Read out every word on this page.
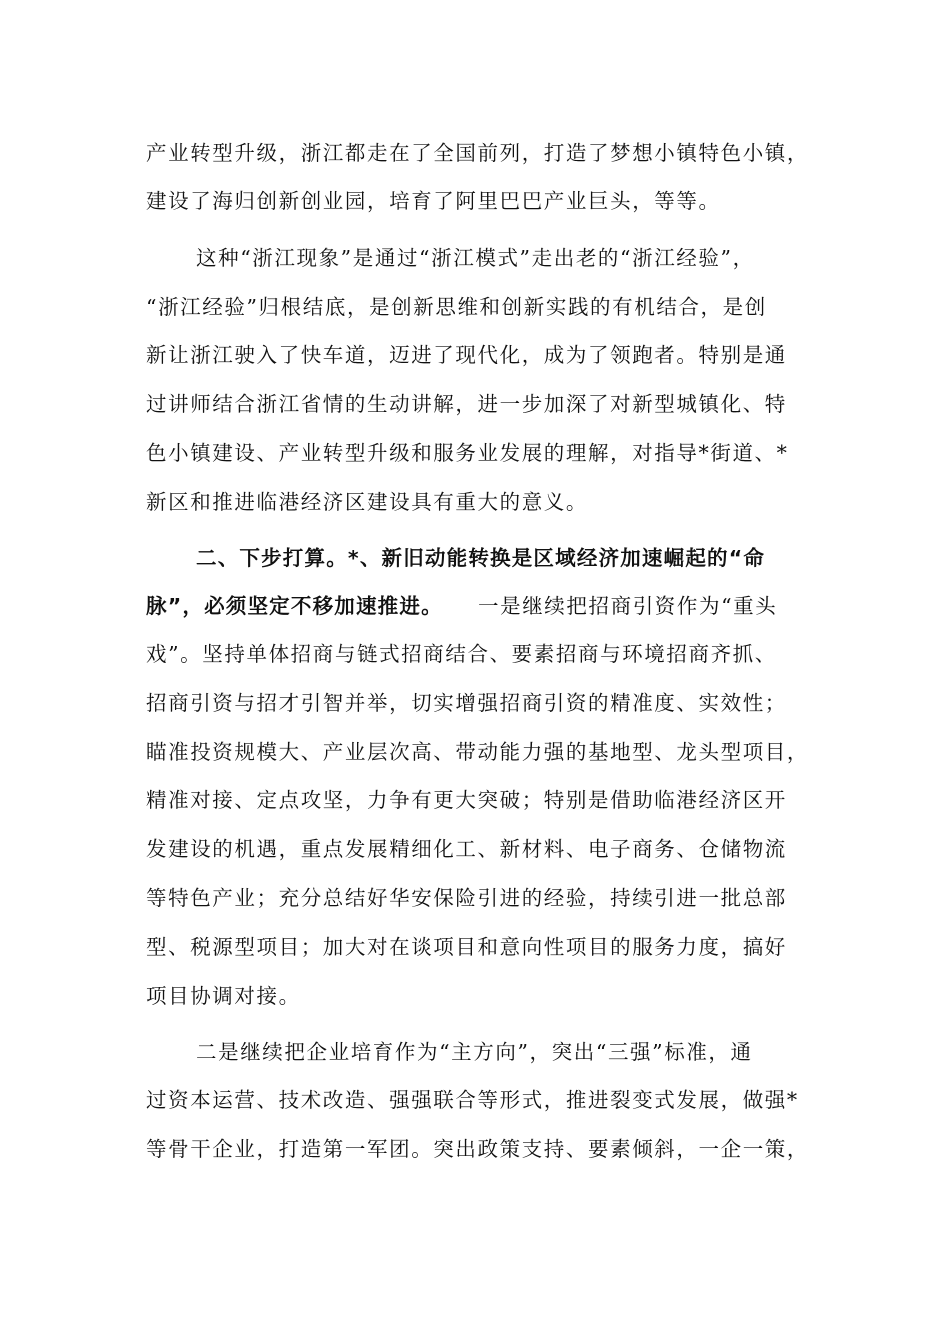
产业转型升级，浙江都走在了全国前列，打造了梦想小镇特色小镇，
建设了海归创新创业园，培育了阿里巴巴产业巨头，等等。
这种“浙江现象”是通过“浙江模式”走出老的“浙江经验”，
“浙江经验”归根结底，是创新思维和创新实践的有机结合，是创
新让浙江驶入了快车道，迈进了现代化，成为了领跑者。特别是通
过讲师结合浙江省情的生动讲解，进一步加深了对新型城镇化、特
色小镇建设、产业转型升级和服务业发展的理解，对指导*街道、*
新区和推进临港经济区建设具有重大的意义。
二、下步打算。*、新旧动能转换是区域经济加速崛起的“命
脉”，必须坚定不移加速推进。 一是继续把招商引资作为“重头
戏”。坚持单体招商与链式招商结合、要素招商与环境招商齐抓、
招商引资与招才引智并举，切实增强招商引资的精准度、实效性；
瞄准投资规模大、产业层次高、带动能力强的基地型、龙头型项目，
精准对接、定点攻坚，力争有更大突破；特别是借助临港经济区开
发建设的机遇，重点发展精细化工、新材料、电子商务、仓储物流
等特色产业；充分总结好华安保险引进的经验，持续引进一批总部
型、税源型项目；加大对在谈项目和意向性项目的服务力度，搞好
项目协调对接。
二是继续把企业培育作为“主方向”，突出“三强”标准，通
过资本运营、技术改造、强强联合等形式，推进裂变式发展，做强*
等骨干企业，打造第一军团。突出政策支持、要素倾斜，一企一策，
